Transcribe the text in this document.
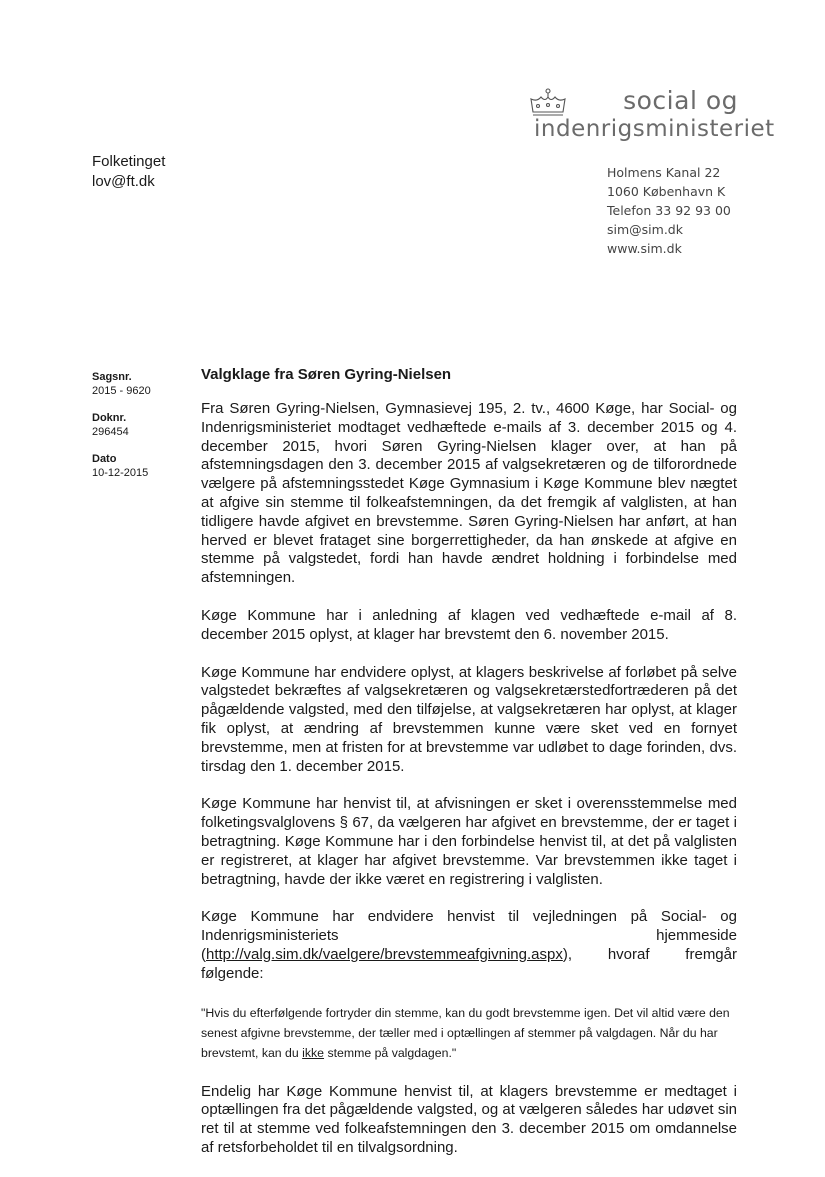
social og
indenrigsministeriet
Folketinget
lov@ft.dk
Holmens Kanal 22
1060 København K
Telefon 33 92 93 00
sim@sim.dk
www.sim.dk
Sagsnr.
2015 - 9620
Doknr.
296454
Dato
10-12-2015
Valgklage fra Søren Gyring-Nielsen

Fra Søren Gyring-Nielsen, Gymnasievej 195, 2. tv., 4600 Køge, har Social- og Indenrigsministeriet modtaget vedhæftede e-mails af 3. december 2015 og 4. december 2015, hvori Søren Gyring-Nielsen klager over, at han på afstemningsdagen den 3. december 2015 af valgsekretæren og de tilforordnede vælgere på afstemningsstedet Køge Gymnasium i Køge Kommune blev nægtet at afgive sin stemme til folkeafstemningen, da det fremgik af valglisten, at han tidligere havde afgivet en brevstemme. Søren Gyring-Nielsen har anført, at han herved er blevet frataget sine borgerrettigheder, da han ønskede at afgive en stemme på valgstedet, fordi han havde ændret holdning i forbindelse med afstemningen.

Køge Kommune har i anledning af klagen ved vedhæftede e-mail af 8. december 2015 oplyst, at klager har brevstemt den 6. november 2015.

Køge Kommune har endvidere oplyst, at klagers beskrivelse af forløbet på selve valgstedet bekræftes af valgsekretæren og valgsekretærstedfortræderen på det pågældende valgsted, med den tilføjelse, at valgsekretæren har oplyst, at klager fik oplyst, at ændring af brevstemmen kunne være sket ved en fornyet brevstemme, men at fristen for at brevstemme var udløbet to dage forinden, dvs. tirsdag den 1. december 2015.

Køge Kommune har henvist til, at afvisningen er sket i overensstemmelse med folketingsvalglovens § 67, da vælgeren har afgivet en brevstemme, der er taget i betragtning. Køge Kommune har i den forbindelse henvist til, at det på valglisten er registreret, at klager har afgivet brevstemme. Var brevstemmen ikke taget i betragtning, havde der ikke været en registrering i valglisten.

Køge Kommune har endvidere henvist til vejledningen på Social- og Indenrigsministeriets hjemmeside (http://valg.sim.dk/vaelgere/brevstemmeafgivning.aspx), hvoraf fremgår følgende:

"Hvis du efterfølgende fortryder din stemme, kan du godt brevstemme igen. Det vil altid være den senest afgivne brevstemme, der tæller med i optællingen af stemmer på valgdagen. Når du har brevstemt, kan du ikke stemme på valgdagen."

Endelig har Køge Kommune henvist til, at klagers brevstemme er medtaget i optællingen fra det pågældende valgsted, og at vælgeren således har udøvet sin ret til at stemme ved folkeafstemningen den 3. december 2015 om omdannelse af retsforbeholdet til en tilvalgsordning.
